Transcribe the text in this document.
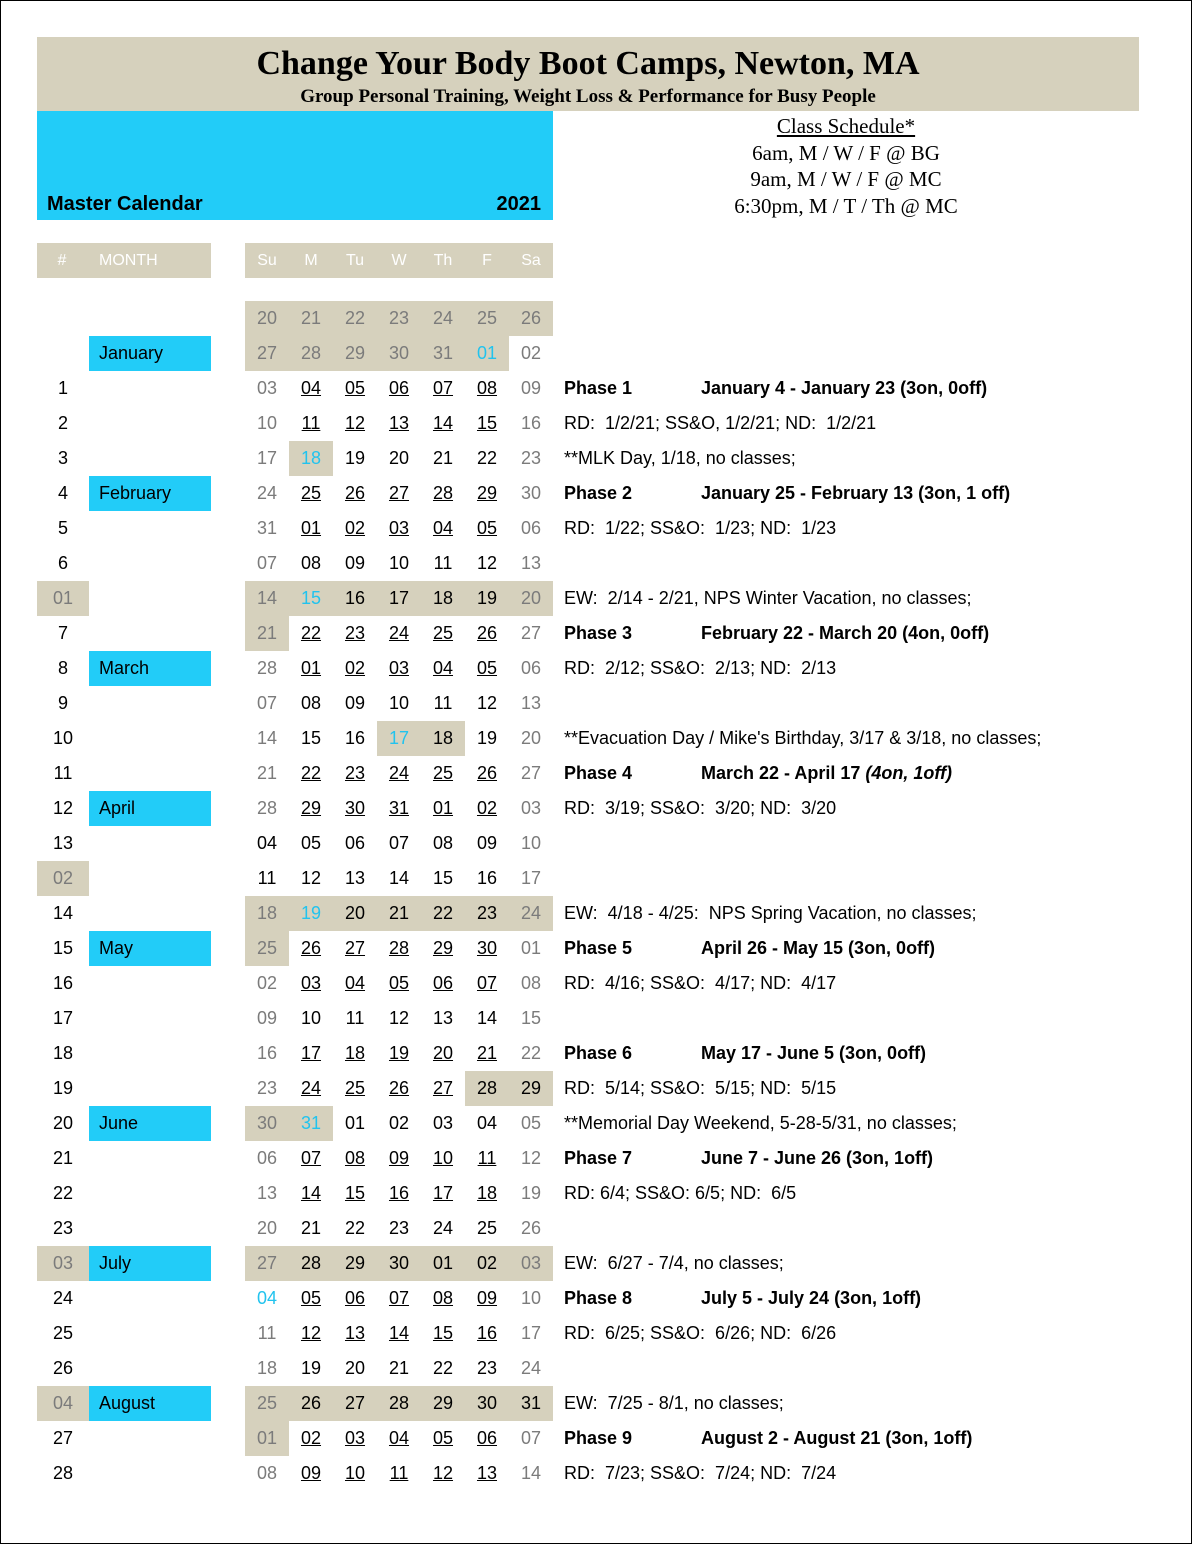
Change Your Body Boot Camps, Newton, MA
Group Personal Training, Weight Loss & Performance for Busy People
Master Calendar	2021
Class Schedule*
6am, M / W / F @ BG
9am, M / W / F @ MC
6:30pm, M / T / Th @ MC
#	MONTH	Su	M	Tu	W	Th	F	Sa
20	21	22	23	24	25	26
January	27	28	29	30	31	01	02
1	03	04	05	06	07	08	09	Phase 1	January 4 - January 23 (3on, 0off)
2	10	11	12	13	14	15	16	RD:  1/2/21; SS&O, 1/2/21; ND:  1/2/21
3	17	18	19	20	21	22	23	**MLK Day, 1/18, no classes;
4	February	24	25	26	27	28	29	30	Phase 2	January 25 - February 13 (3on, 1 off)
5	31	01	02	03	04	05	06	RD:  1/22; SS&O:  1/23; ND:  1/23
6	07	08	09	10	11	12	13
01	14	15	16	17	18	19	20	EW:  2/14 - 2/21, NPS Winter Vacation, no classes;
7	21	22	23	24	25	26	27	Phase 3	February 22 - March 20 (4on, 0off)
8	March	28	01	02	03	04	05	06	RD:  2/12; SS&O:  2/13; ND:  2/13
9	07	08	09	10	11	12	13
10	14	15	16	17	18	19	20	**Evacuation Day / Mike's Birthday, 3/17 & 3/18, no classes;
11	21	22	23	24	25	26	27	Phase 4	March 22 - April 17 (4on, 1off)
12	April	28	29	30	31	01	02	03	RD:  3/19; SS&O:  3/20; ND:  3/20
13	04	05	06	07	08	09	10
02	11	12	13	14	15	16	17
14	18	19	20	21	22	23	24	EW:  4/18 - 4/25:  NPS Spring Vacation, no classes;
15	May	25	26	27	28	29	30	01	Phase 5	April 26 - May 15 (3on, 0off)
16	02	03	04	05	06	07	08	RD:  4/16; SS&O:  4/17; ND:  4/17
17	09	10	11	12	13	14	15
18	16	17	18	19	20	21	22	Phase 6	May 17 - June 5 (3on, 0off)
19	23	24	25	26	27	28	29	RD:  5/14; SS&O:  5/15; ND:  5/15
20	June	30	31	01	02	03	04	05	**Memorial Day Weekend, 5-28-5/31, no classes;
21	06	07	08	09	10	11	12	Phase 7	June 7 - June 26 (3on, 1off)
22	13	14	15	16	17	18	19	RD: 6/4; SS&O: 6/5; ND:  6/5
23	20	21	22	23	24	25	26
03	July	27	28	29	30	01	02	03	EW:  6/27 - 7/4, no classes;
24	04	05	06	07	08	09	10	Phase 8	July 5 - July 24 (3on, 1off)
25	11	12	13	14	15	16	17	RD:  6/25; SS&O:  6/26; ND:  6/26
26	18	19	20	21	22	23	24
04	August	25	26	27	28	29	30	31	EW:  7/25 - 8/1, no classes;
27	01	02	03	04	05	06	07	Phase 9	August 2 - August 21 (3on, 1off)
28	08	09	10	11	12	13	14	RD:  7/23; SS&O:  7/24; ND:  7/24
